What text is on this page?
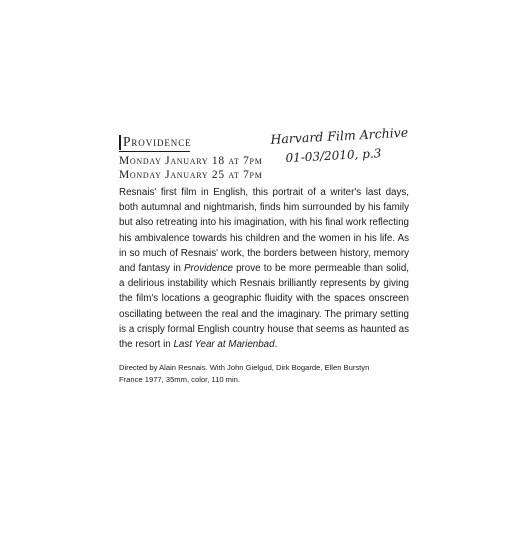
Providence
Monday January 18 at 7pm
Monday January 25 at 7pm

Resnais' first film in English, this portrait of a writer's last days, both autumnal and nightmarish, finds him surrounded by his family but also retreating into his imagination, with his final work reflecting his ambivalence towards his children and the women in his life. As in so much of Resnais' work, the borders between history, memory and fantasy in Providence prove to be more permeable than solid, a delirious instability which Resnais brilliantly represents by giving the film's locations a geographic fluidity with the spaces onscreen oscillating between the real and the imaginary. The primary setting is a crisply formal English country house that seems as haunted as the resort in Last Year at Marienbad.

Directed by Alain Resnais. With John Gielgud, Dirk Bogarde, Ellen Burstyn
France 1977, 35mm, color, 110 min.
Harvard Film Archive
01-03/2010, p.3
